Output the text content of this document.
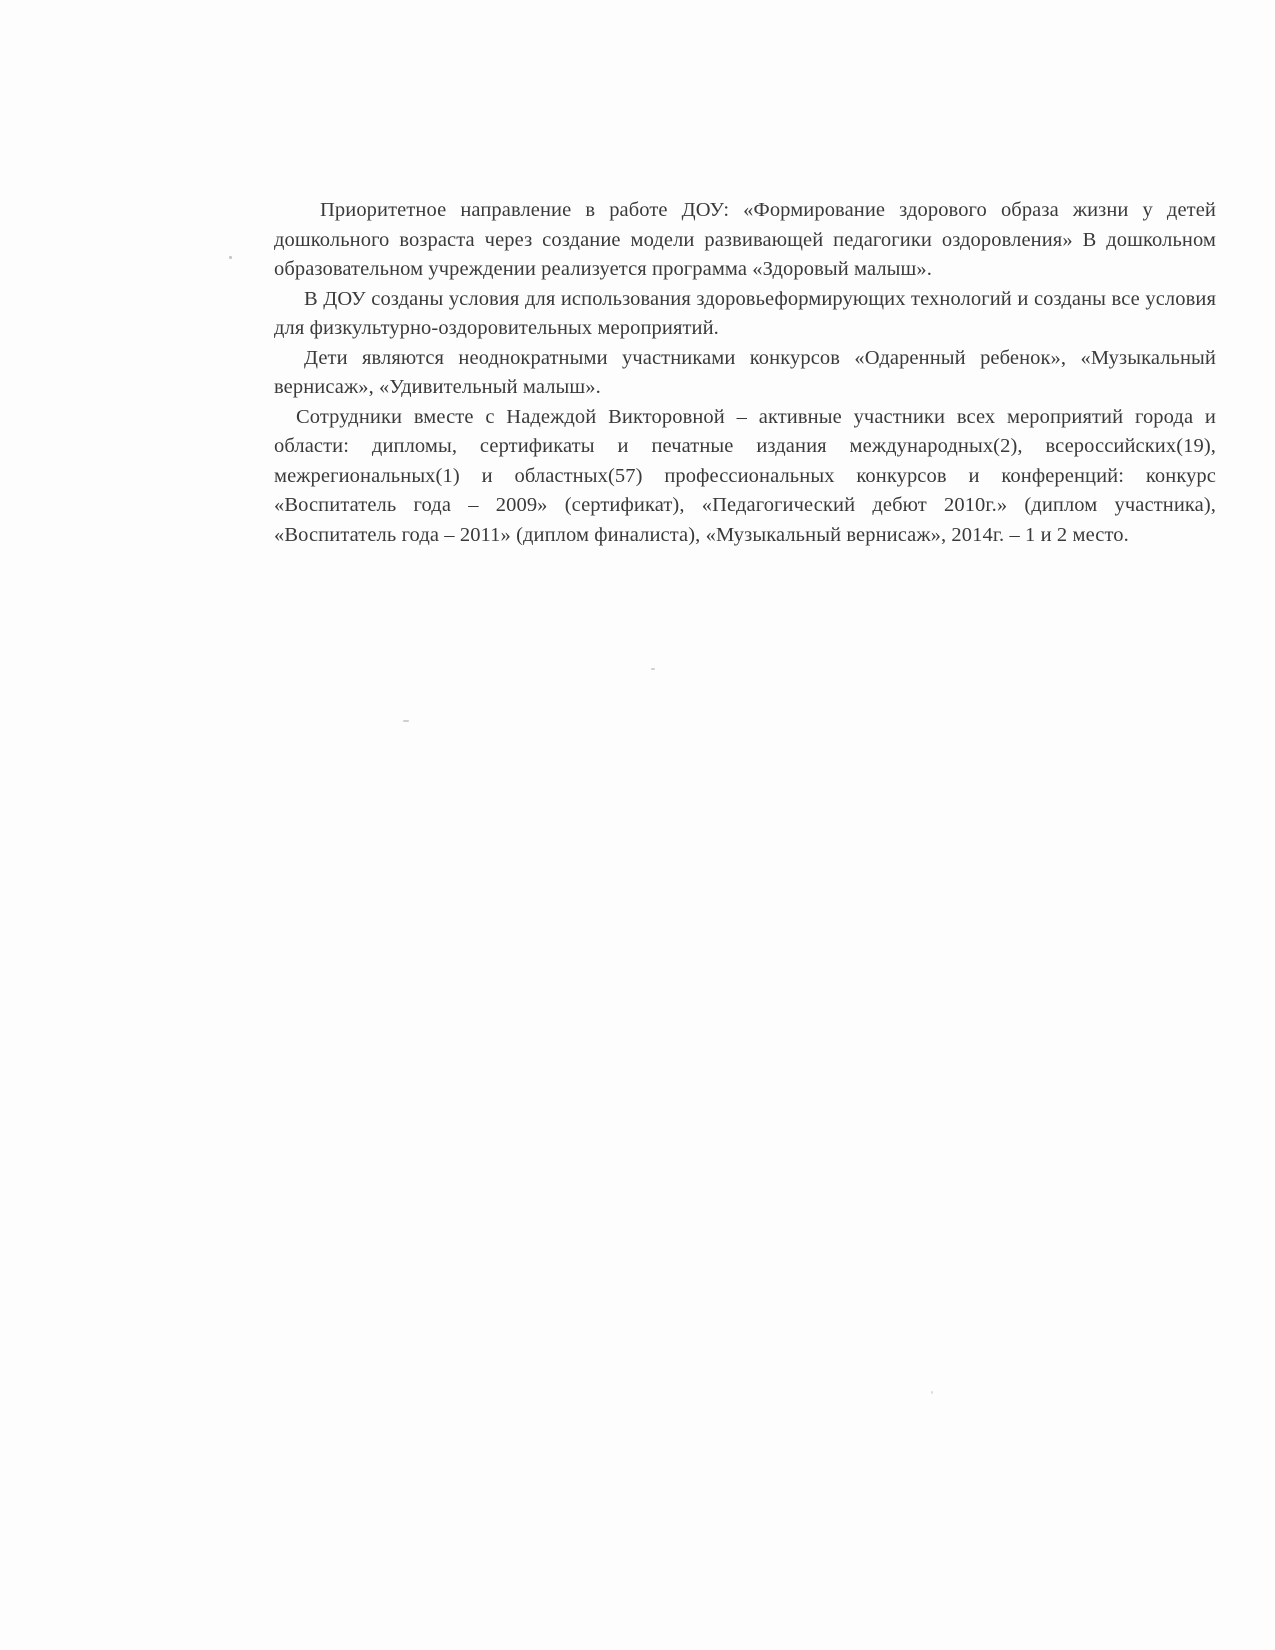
Приоритетное направление в работе ДОУ: «Формирование здорового образа жизни у детей дошкольного возраста через создание модели развивающей педагогики оздоровления» В дошкольном образовательном учреждении реализуется программа «Здоровый малыш».

В ДОУ созданы условия для использования здоровьеформирующих технологий и созданы все условия для физкультурно-оздоровительных мероприятий.

Дети являются неоднократными участниками конкурсов «Одаренный ребенок», «Музыкальный вернисаж», «Удивительный малыш».

Сотрудники вместе с Надеждой Викторовной – активные участники всех мероприятий города и области: дипломы, сертификаты и печатные издания международных(2), всероссийских(19), межрегиональных(1) и областных(57) профессиональных конкурсов и конференций: конкурс «Воспитатель года – 2009» (сертификат), «Педагогический дебют 2010г.» (диплом участника), «Воспитатель года – 2011» (диплом финалиста), «Музыкальный вернисаж», 2014г. – 1 и 2 место.
